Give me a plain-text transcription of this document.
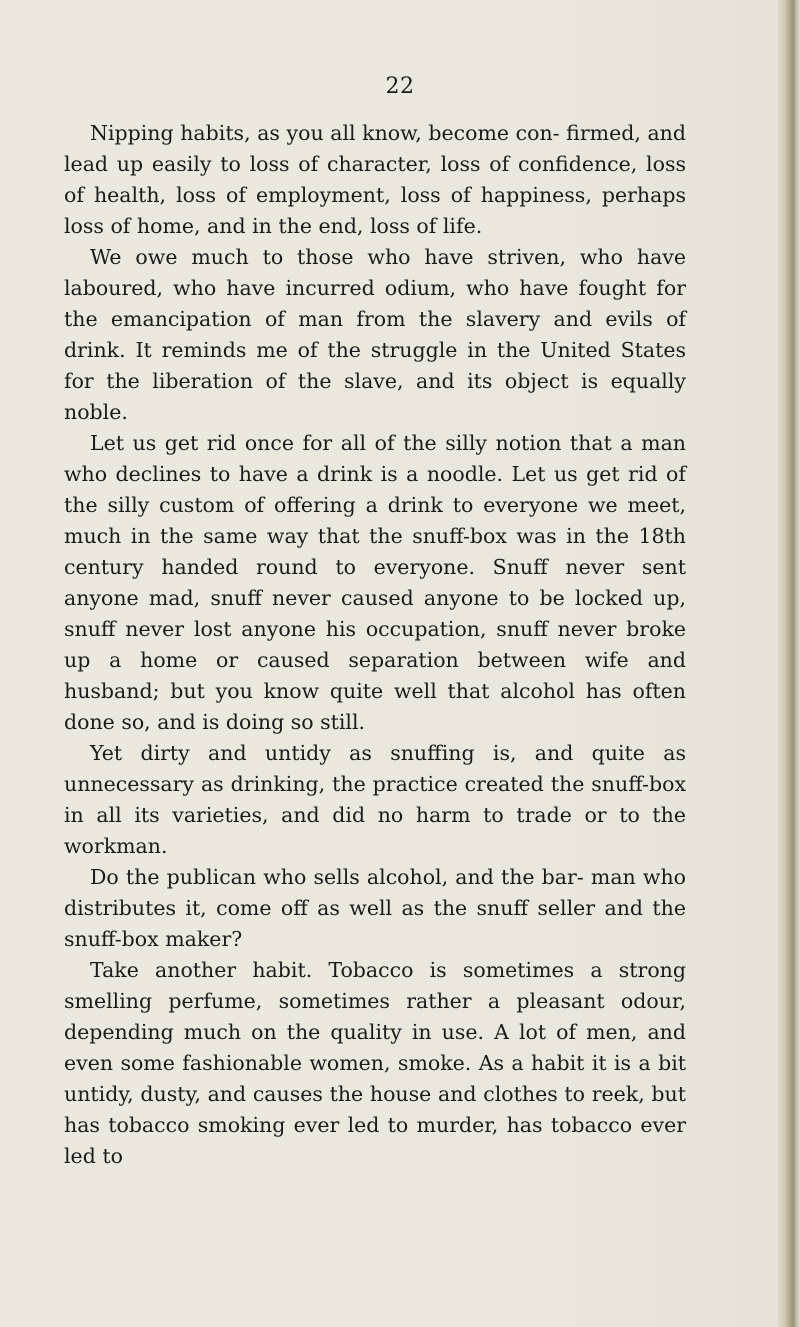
22

Nipping habits, as you all know, become con- firmed, and lead up easily to loss of character, loss of confidence, loss of health, loss of employment, loss of happiness, perhaps loss of home, and in the end, loss of life.

We owe much to those who have striven, who have laboured, who have incurred odium, who have fought for the emancipation of man from the slavery and evils of drink. It reminds me of the struggle in the United States for the liberation of the slave, and its object is equally noble.

Let us get rid once for all of the silly notion that a man who declines to have a drink is a noodle. Let us get rid of the silly custom of offering a drink to everyone we meet, much in the same way that the snuff-box was in the 18th century handed round to everyone. Snuff never sent anyone mad, snuff never caused anyone to be locked up, snuff never lost anyone his occupation, snuff never broke up a home or caused separation between wife and husband; but you know quite well that alcohol has often done so, and is doing so still.

Yet dirty and untidy as snuffing is, and quite as unnecessary as drinking, the practice created the snuff-box in all its varieties, and did no harm to trade or to the workman.

Do the publican who sells alcohol, and the bar- man who distributes it, come off as well as the snuff seller and the snuff-box maker?

Take another habit. Tobacco is sometimes a strong smelling perfume, sometimes rather a pleasant odour, depending much on the quality in use. A lot of men, and even some fashionable women, smoke. As a habit it is a bit untidy, dusty, and causes the house and clothes to reek, but has tobacco smoking ever led to murder, has tobacco ever led to
